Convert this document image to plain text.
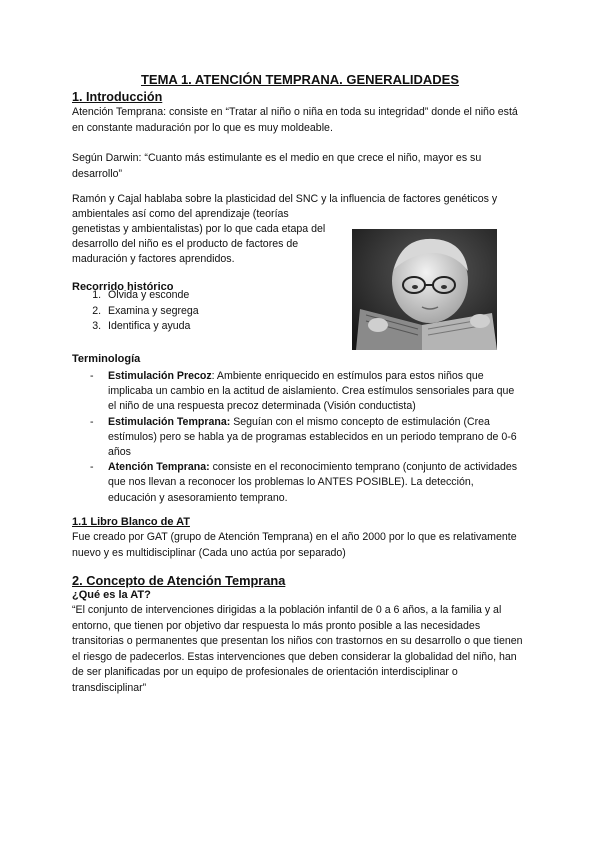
TEMA 1. ATENCIÓN TEMPRANA. GENERALIDADES
1. Introducción
Atención Temprana: consiste en “Tratar al niño o niña en toda su integridad” donde el niño está en constante maduración por lo que es muy moldeable.
Según Darwin: “Cuanto más estimulante es el medio en que crece el niño, mayor es su desarrollo”
Ramón y Cajal hablaba sobre la plasticidad del SNC y la influencia de factores genéticos y
ambientales así como del aprendizaje (teorías
genetistas y ambientalistas) por lo que cada etapa del
desarrollo del niño es el producto de factores de
maduración y factores aprendidos.
Recorrido histórico
1. Olvida y esconde
2. Examina y segrega
3. Identifica y ayuda
Terminología
- Estimulación Precoz: Ambiente enriquecido en estímulos para estos niños que implicaba un cambio en la actitud de aislamiento. Crea estímulos sensoriales para que el niño de una respuesta precoz determinada (Visión conductista)
- Estimulación Temprana: Seguían con el mismo concepto de estimulación (Crea estímulos) pero se habla ya de programas establecidos en un periodo temprano de 0-6 años
- Atención Temprana: consiste en el reconocimiento temprano (conjunto de actividades que nos llevan a reconocer los problemas lo ANTES POSIBLE). La detección, educación y asesoramiento temprano.
1.1 Libro Blanco de AT
Fue creado por GAT (grupo de Atención Temprana) en el año 2000 por lo que es relativamente nuevo y es multidisciplinar (Cada uno actúa por separado)
2. Concepto de Atención Temprana
¿Qué es la AT?
“El conjunto de intervenciones dirigidas a la población infantil de 0 a 6 años, a la familia y al entorno, que tienen por objetivo dar respuesta lo más pronto posible a las necesidades transitorias o permanentes que presentan los niños con trastornos en su desarrollo o que tienen el riesgo de padecerlos. Estas intervenciones que deben considerar la globalidad del niño, han de ser planificadas por un equipo de profesionales de orientación interdisciplinar o transdisciplinar”
